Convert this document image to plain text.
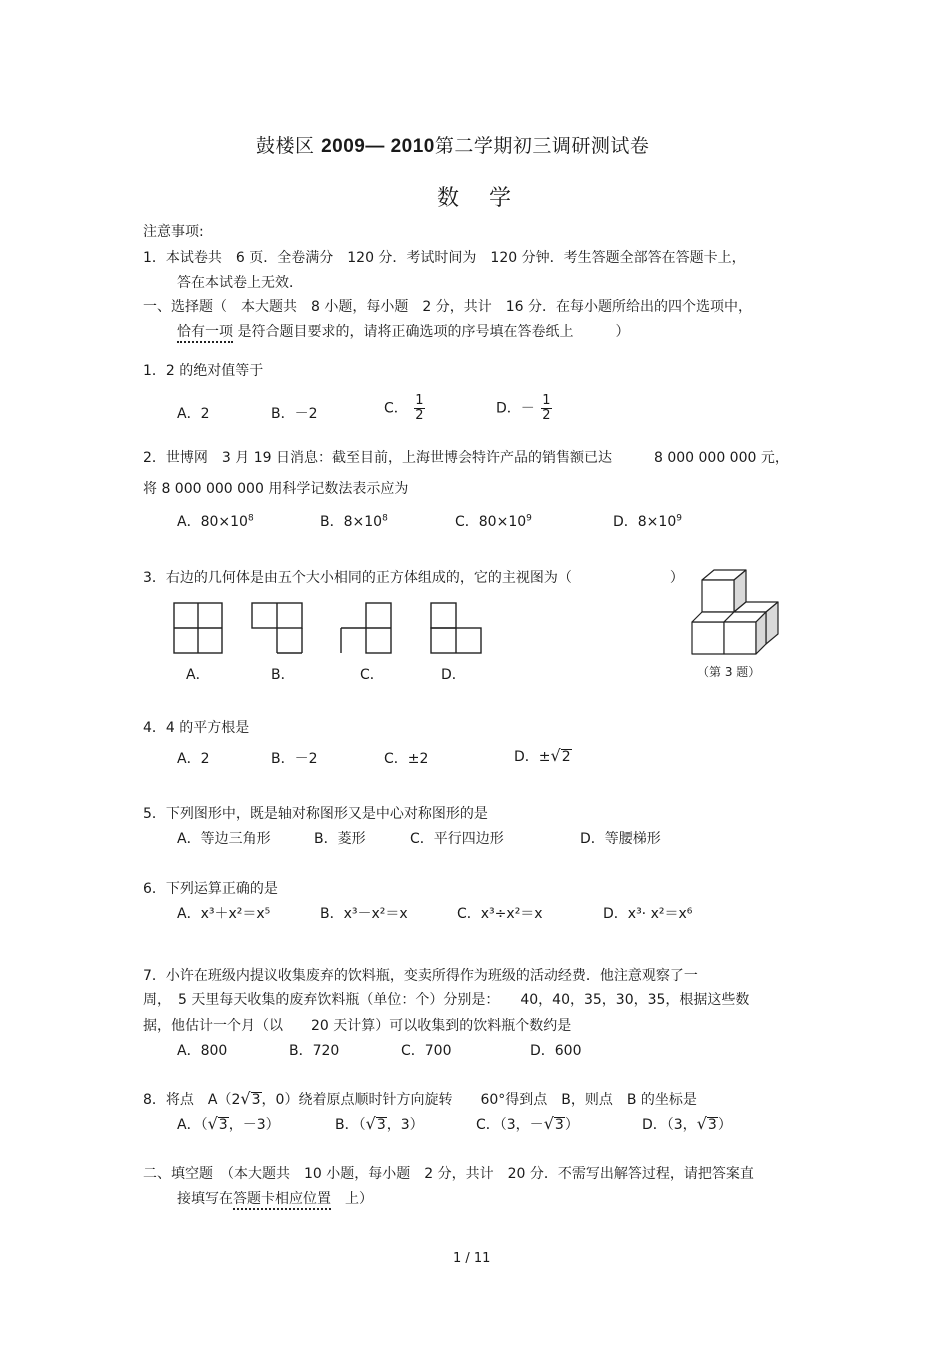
鼓楼区 2009— 2010第二学期初三调研测试卷
数学
注意事项:
1．本试卷共　6 页．全卷满分　120 分．考试时间为　120 分钟．考生答题全部答在答题卡上，
答在本试卷上无效．
一、选择题（　本大题共　8 小题，每小题　2 分，共计　16 分．在每小题所给出的四个选项中，
恰有一项 是符合题目要求的，请将正确选项的序号填在答卷纸上　　　）
1．2 的绝对值等于
A．2	B．－2	C． $\frac{1}{2}$	D．－ $\frac{1}{2}$
2．世博网　3 月 19 日消息：截至目前，上海世博会特许产品的销售额已达　　　8 000 000 000 元，
将 8 000 000 000 用科学记数法表示应为
A．$80\times 10^8$	B．$8\times 10^8$	C．$80\times 10^9$	D．$8\times 10^9$
3．右边的几何体是由五个大小相同的正方体组成的，它的主视图为（　　　　　　　）
A．	B．	C．	D．	（第 3 题）
4．4 的平方根是
A．2	B．－2	C．±2	D．± √ 2
5．下列图形中，既是轴对称图形又是中心对称图形的是
A．等边三角形	B．菱形	C．平行四边形	D．等腰梯形
6．下列运算正确的是
A．x³＋x²＝x⁵	B．x³－x²＝x	C．x³÷x²＝x	D．x³· x²＝x⁶
7．小许在班级内提议收集废弃的饮料瓶，变卖所得作为班级的活动经费．他注意观察了一
周，　5 天里每天收集的废弃饮料瓶（单位：个）分别是：　　40，40，35，30，35，根据这些数
据，他估计一个月（以　　20 天计算）可以收集到的饮料瓶个数约是
A．800	B．720	C．700	D．600
8．将点　A（2 √ 3 ，0）绕着原点顺时针方向旋转　　60°得到点　B，则点　B 的坐标是
A．（ √ 3 ，－3）	B．（ √ 3 ，3）	C．（3，－ √ 3 ）	D．（3， √ 3 ）
二、填空题　（本大题共　10 小题，每小题　2 分，共计　20 分．不需写出解答过程，请把答案直
接填写在答题卡相应位置　上）
1 / 11
